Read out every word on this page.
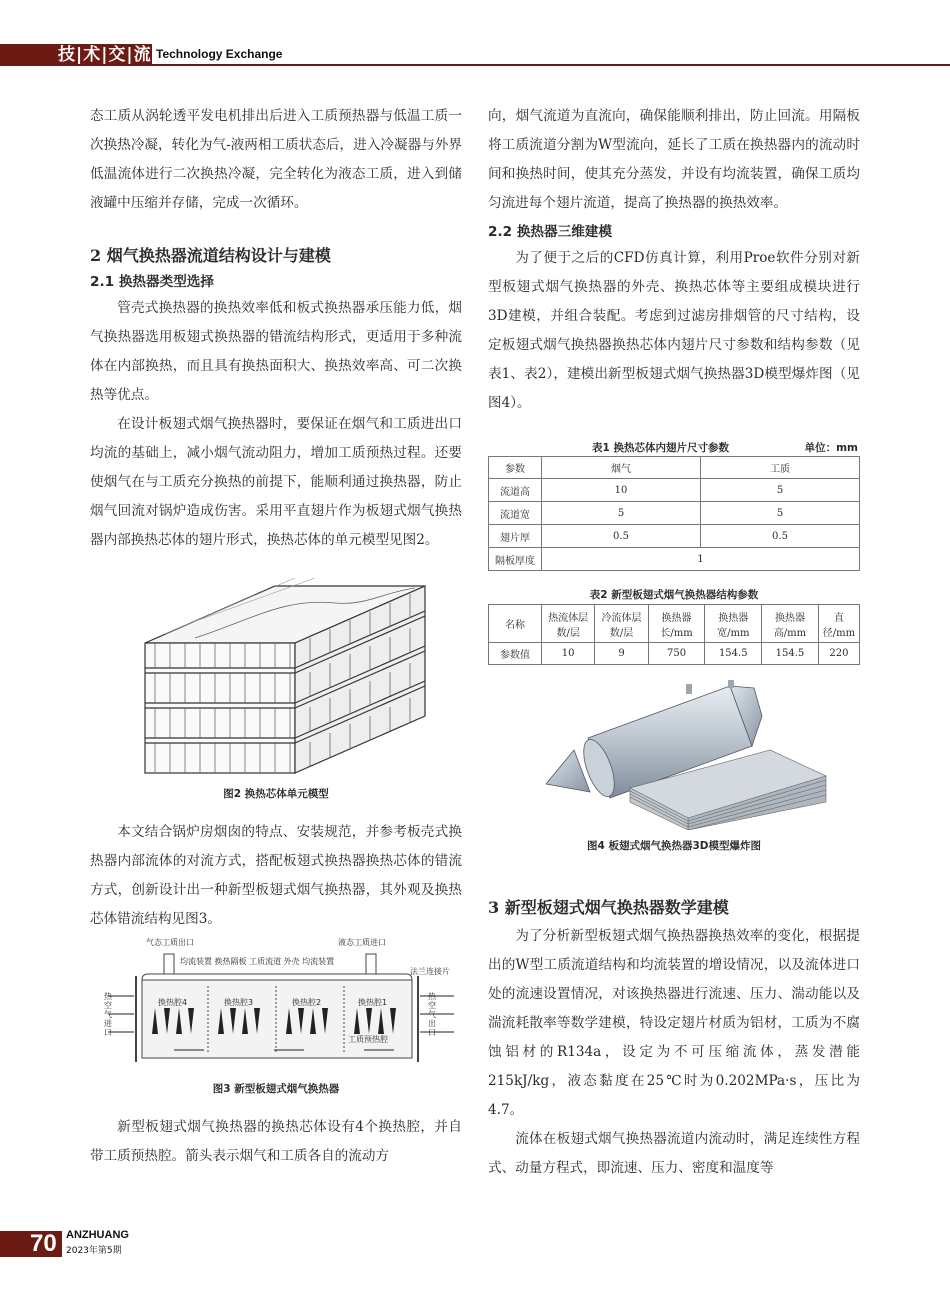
技|术|交|流 Technology Exchange

态工质从涡轮透平发电机排出后进入工质预热器与低温工质一次换热冷凝，转化为气-液两相工质状态后，进入冷凝器与外界低温流体进行二次换热冷凝，完全转化为液态工质，进入到储液罐中压缩并存储，完成一次循环。

2 烟气换热器流道结构设计与建模
2.1 换热器类型选择

管壳式换热器的换热效率低和板式换热器承压能力低，烟气换热器选用板翅式换热器的错流结构形式，更适用于多种流体在内部换热，而且具有换热面积大、换热效率高、可二次换热等优点。

在设计板翅式烟气换热器时，要保证在烟气和工质进出口均流的基础上，减小烟气流动阻力，增加工质预热过程。还要使烟气在与工质充分换热的前提下，能顺利通过换热器，防止烟气回流对锅炉造成伤害。采用平直翅片作为板翅式烟气换热器内部换热芯体的翅片形式，换热芯体的单元模型见图2。

图2 换热芯体单元模型

本文结合锅炉房烟囱的特点、安装规范，并参考板壳式换热器内部流体的对流方式，搭配板翅式换热器换热芯体的错流方式，创新设计出一种新型板翅式烟气换热器，其外观及换热芯体错流结构见图3。

气态工质出口	液态工质进口
均流装置 换热隔板 工质流道 外壳 均流装置
法兰连接片
换热腔4	换热腔3	换热腔2	换热腔1
工质预热腔
热空气进口
热空气出口
图3 新型板翅式烟气换热器

新型板翅式烟气换热器的换热芯体设有4个换热腔，并自带工质预热腔。箭头表示烟气和工质各自的流动方

向，烟气流道为直流向，确保能顺利排出，防止回流。用隔板将工质流道分割为W型流向，延长了工质在换热器内的流动时间和换热时间，使其充分蒸发，并设有均流装置，确保工质均匀流进每个翅片流道，提高了换热器的换热效率。

2.2 换热器三维建模

为了便于之后的CFD仿真计算，利用Proe软件分别对新型板翅式烟气换热器的外壳、换热芯体等主要组成模块进行3D建模，并组合装配。考虑到过滤房排烟管的尺寸结构，设定板翅式烟气换热器换热芯体内翅片尺寸参数和结构参数（见表1、表2），建模出新型板翅式烟气换热器3D模型爆炸图（见图4）。

表1 换热芯体内翅片尺寸参数	单位：mm
参数	烟气	工质
流道高	10	5
流道宽	5	5
翅片厚	0.5	0.5
隔板厚度	1	
表2 新型板翅式烟气换热器结构参数
名称	热流体层数/层	冷流体层数/层	换热器长/mm	换热器宽/mm	换热器高/mm	直径/mm
参数值	10	9	750	154.5	154.5	220
图4 板翅式烟气换热器3D模型爆炸图
3 新型板翅式烟气换热器数学建模

为了分析新型板翅式烟气换热器换热效率的变化，根据提出的W型工质流道结构和均流装置的增设情况，以及流体进口处的流速设置情况，对该换热器进行流速、压力、湍动能以及湍流耗散率等数学建模，特设定翅片材质为铝材，工质为不腐蚀铝材的R134a，设定为不可压缩流体，蒸发潜能215kJ/kg，液态黏度在25℃时为0.202MPa·s，压比为4.7。

流体在板翅式烟气换热器流道内流动时，满足连续性方程式、动量方程式，即流速、压力、密度和温度等

70 ANZHUANG
2023年第5期
